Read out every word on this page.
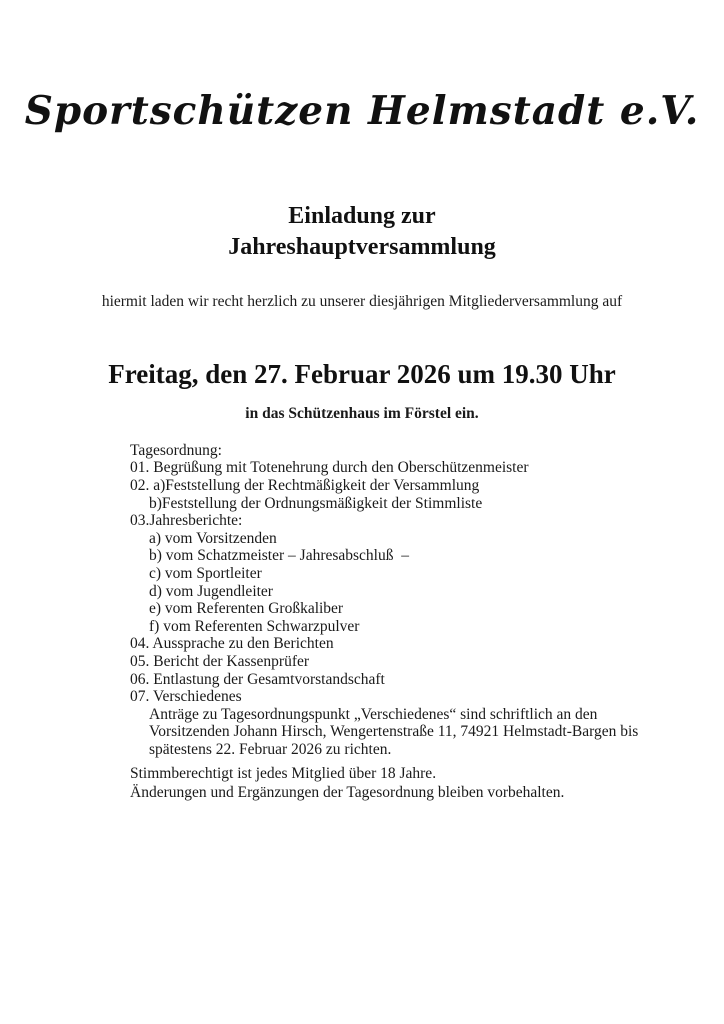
Sportschützen Helmstadt e.V.
Einladung zur
Jahreshauptversammlung
hiermit laden wir recht herzlich zu unserer diesjährigen Mitgliederversammlung auf
Freitag, den 27. Februar 2026 um 19.30 Uhr
in das Schützenhaus im Förstel ein.
Tagesordnung:
01. Begrüßung mit Totenehrung durch den Oberschützenmeister
02. a)Feststellung der Rechtmäßigkeit der Versammlung
b)Feststellung der Ordnungsmäßigkeit der Stimmliste
03.Jahresberichte:
a) vom Vorsitzenden
b) vom Schatzmeister – Jahresabschluß  –
c) vom Sportleiter
d) vom Jugendleiter
e) vom Referenten Großkaliber
f) vom Referenten Schwarzpulver
04. Aussprache zu den Berichten
05. Bericht der Kassenprüfer
06. Entlastung der Gesamtvorstandschaft
07. Verschiedenes
Anträge zu Tagesordnungspunkt „Verschiedenes“ sind schriftlich an den
Vorsitzenden Johann Hirsch, Wengertenstraße 11, 74921 Helmstadt-Bargen bis
spätestens 22. Februar 2026 zu richten.
Stimmberechtigt ist jedes Mitglied über 18 Jahre.
Änderungen und Ergänzungen der Tagesordnung bleiben vorbehalten.
